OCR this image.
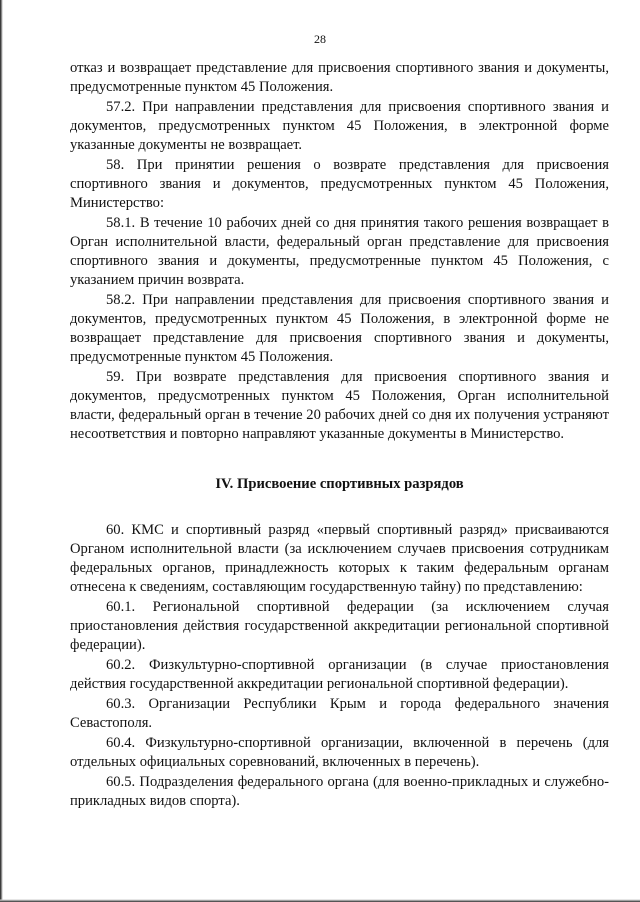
28

отказ и возвращает представление для присвоения спортивного звания и документы, предусмотренные пунктом 45 Положения.

57.2. При направлении представления для присвоения спортивного звания и документов, предусмотренных пунктом 45 Положения, в электронной форме указанные документы не возвращает.

58. При принятии решения о возврате представления для присвоения спортивного звания и документов, предусмотренных пунктом 45 Положения, Министерство:

58.1. В течение 10 рабочих дней со дня принятия такого решения возвращает в Орган исполнительной власти, федеральный орган представление для присвоения спортивного звания и документы, предусмотренные пунктом 45 Положения, с указанием причин возврата.

58.2. При направлении представления для присвоения спортивного звания и документов, предусмотренных пунктом 45 Положения, в электронной форме не возвращает представление для присвоения спортивного звания и документы, предусмотренные пунктом 45 Положения.

59. При возврате представления для присвоения спортивного звания и документов, предусмотренных пунктом 45 Положения, Орган исполнительной власти, федеральный орган в течение 20 рабочих дней со дня их получения устраняют несоответствия и повторно направляют указанные документы в Министерство.

IV. Присвоение спортивных разрядов

60. КМС и спортивный разряд «первый спортивный разряд» присваиваются Органом исполнительной власти (за исключением случаев присвоения сотрудникам федеральных органов, принадлежность которых к таким федеральным органам отнесена к сведениям, составляющим государственную тайну) по представлению:

60.1. Региональной спортивной федерации (за исключением случая приостановления действия государственной аккредитации региональной спортивной федерации).

60.2. Физкультурно-спортивной организации (в случае приостановления действия государственной аккредитации региональной спортивной федерации).

60.3. Организации Республики Крым и города федерального значения Севастополя.

60.4. Физкультурно-спортивной организации, включенной в перечень (для отдельных официальных соревнований, включенных в перечень).

60.5. Подразделения федерального органа (для военно-прикладных и служебно-прикладных видов спорта).
